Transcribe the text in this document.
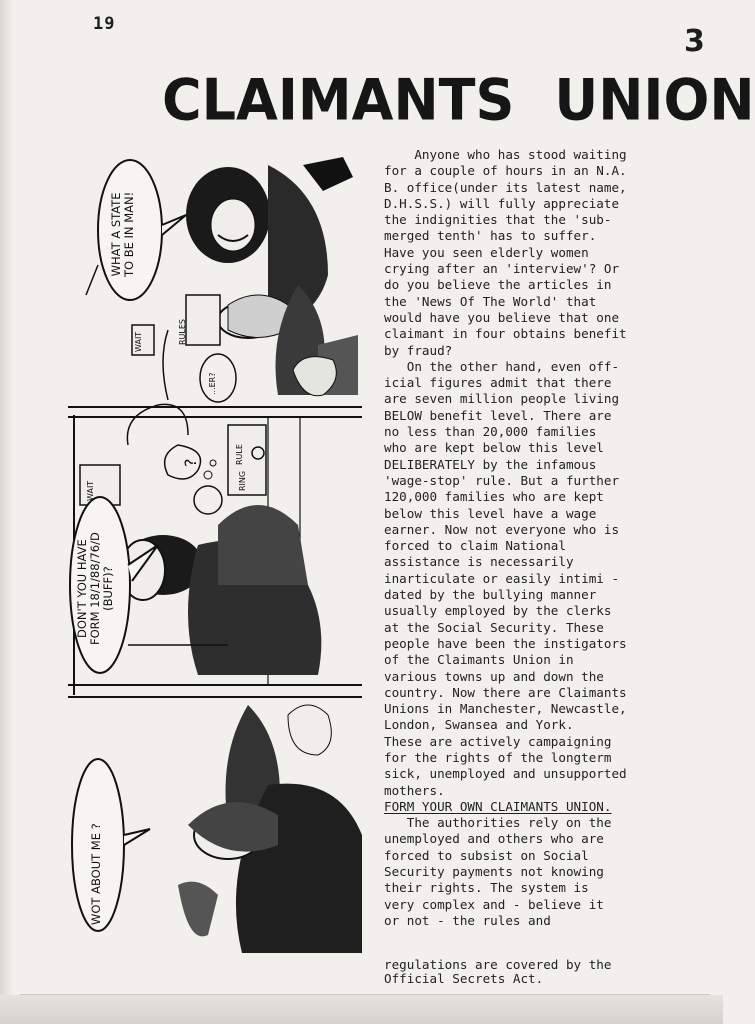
19	3
CLAIMANTS UNION
WHAT A STATE
TO BE IN MAN!
RULES
WAIT
...ER?
DON'T YOU HAVE
FORM 18/1/88/76/D
(BUFF)?
RULE
RING
WAIT
?
WOT ABOUT ME ?
Anyone who has stood waiting
for a couple of hours in an N.A.
B. office(under its latest name,
D.H.S.S.) will fully appreciate
the indignities that the 'sub-
merged tenth' has to suffer.
Have you seen elderly women
crying after an 'interview'? Or
do you believe the articles in
the 'News Of The World' that
would have you believe that one
claimant in four obtains benefit
by fraud?
On the other hand, even off-
icial figures admit that there
are seven million people living
BELOW benefit level. There are
no less than 20,000 families
who are kept below this level
DELIBERATELY by the infamous
'wage-stop' rule. But a further
120,000 families who are kept
below this level have a wage
earner. Now not everyone who is
forced to claim National
assistance is necessarily
inarticulate or easily intimi -
dated by the bullying manner
usually employed by the clerks
at the Social Security. These
people have been the instigators
of the Claimants Union in
various towns up and down the
country. Now there are Claimants
Unions in Manchester, Newcastle,
London, Swansea and York.
These are actively campaigning
for the rights of the longterm
sick, unemployed and unsupported
mothers.
FORM YOUR OWN CLAIMANTS UNION.
The authorities rely on the
unemployed and others who are
forced to subsist on Social
Security payments not knowing
their rights. The system is
very complex and - believe it
or not - the rules and
regulations are covered by the
Official Secrets Act.
